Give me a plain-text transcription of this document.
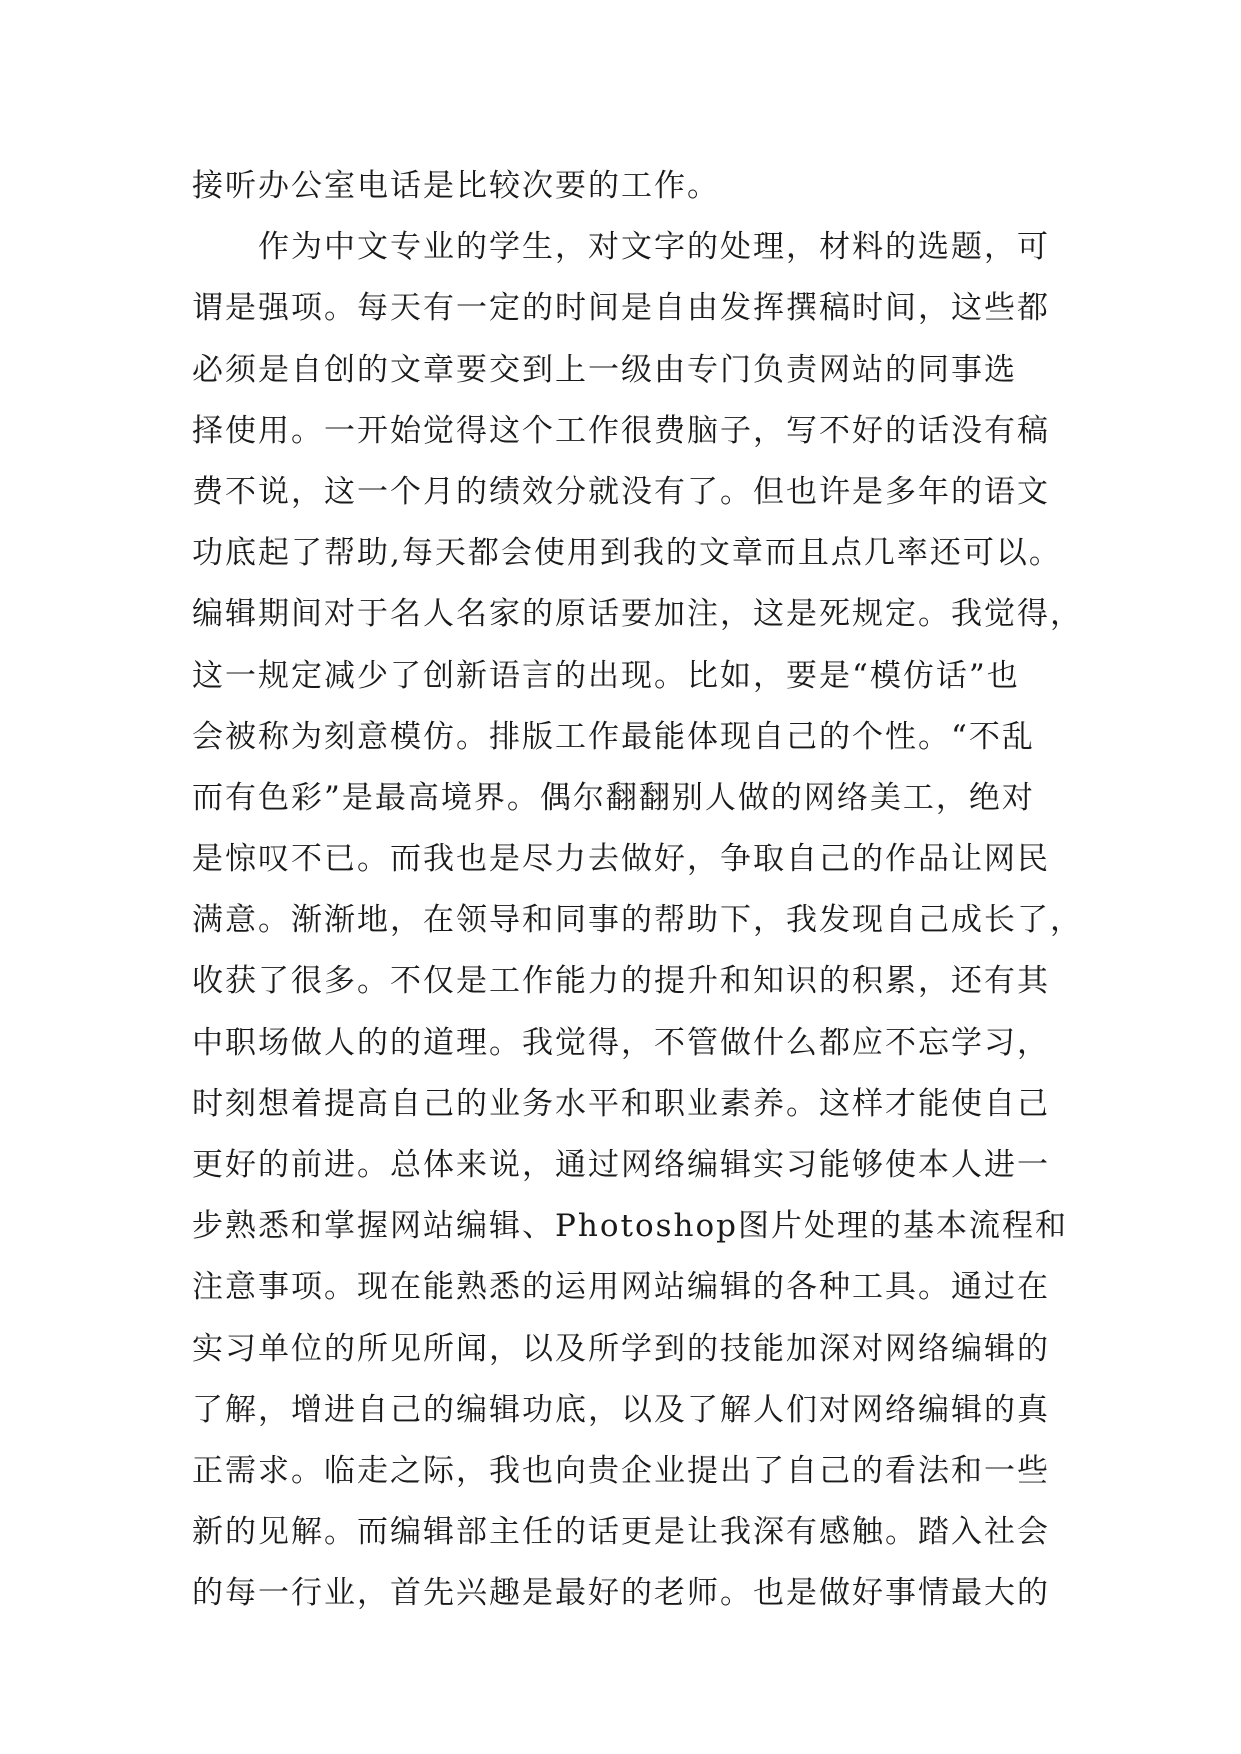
接听办公室电话是比较次要的工作。
作为中文专业的学生，对文字的处理，材料的选题，可
谓是强项。每天有一定的时间是自由发挥撰稿时间，这些都
必须是自创的文章要交到上一级由专门负责网站的同事选
择使用。一开始觉得这个工作很费脑子，写不好的话没有稿
费不说，这一个月的绩效分就没有了。但也许是多年的语文
功底起了帮助,每天都会使用到我的文章而且点几率还可以。
编辑期间对于名人名家的原话要加注，这是死规定。我觉得，
这一规定减少了创新语言的出现。比如，要是“模仿话”也
会被称为刻意模仿。排版工作最能体现自己的个性。“不乱
而有色彩”是最高境界。偶尔翻翻别人做的网络美工，绝对
是惊叹不已。而我也是尽力去做好，争取自己的作品让网民
满意。渐渐地，在领导和同事的帮助下，我发现自己成长了，
收获了很多。不仅是工作能力的提升和知识的积累，还有其
中职场做人的的道理。我觉得，不管做什么都应不忘学习，
时刻想着提高自己的业务水平和职业素养。这样才能使自己
更好的前进。总体来说，通过网络编辑实习能够使本人进一
步熟悉和掌握网站编辑、Photoshop图片处理的基本流程和
注意事项。现在能熟悉的运用网站编辑的各种工具。通过在
实习单位的所见所闻，以及所学到的技能加深对网络编辑的
了解，增进自己的编辑功底，以及了解人们对网络编辑的真
正需求。临走之际，我也向贵企业提出了自己的看法和一些
新的见解。而编辑部主任的话更是让我深有感触。踏入社会
的每一行业，首先兴趣是最好的老师。也是做好事情最大的
